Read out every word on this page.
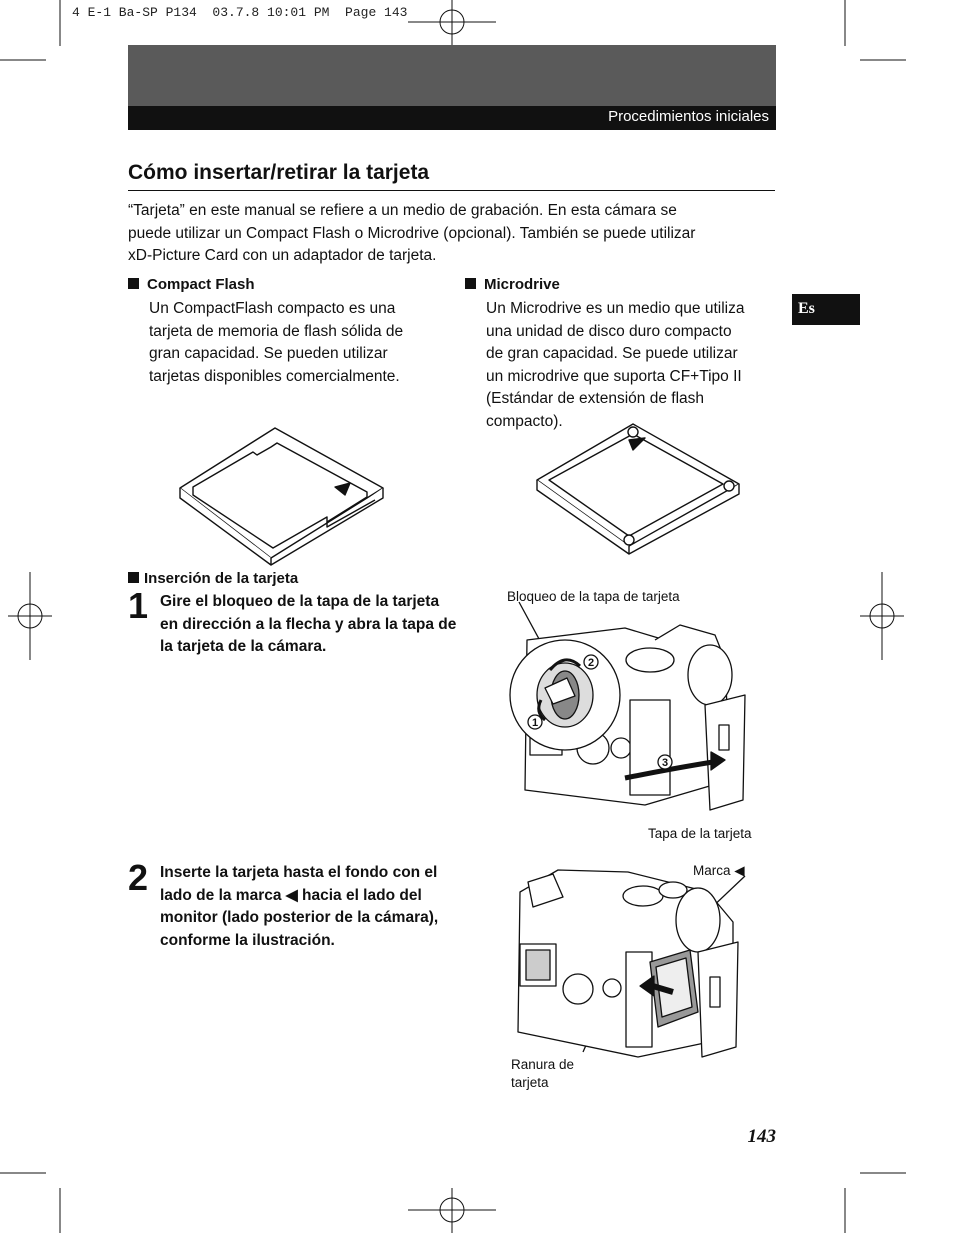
4 E-1 Ba-SP P134  03.7.8 10:01 PM  Page 143
Procedimientos iniciales
Cómo insertar/retirar la tarjeta
“Tarjeta” en este manual se refiere a un medio de grabación. En esta cámara se
puede utilizar un Compact Flash o Microdrive (opcional). También se puede utilizar
xD-Picture Card con un adaptador de tarjeta.
Es
Compact Flash
Un CompactFlash compacto es una
tarjeta de memoria de flash sólida de
gran capacidad. Se pueden utilizar
tarjetas disponibles comercialmente.
Microdrive
Un Microdrive es un medio que utiliza
una unidad de disco duro compacto
de gran capacidad. Se puede utilizar
un microdrive que suporta CF+Tipo II
(Estándar de extensión de flash
compacto).
Inserción de la tarjeta
1 Gire el bloqueo de la tapa de la tarjeta
en dirección a la flecha y abra la tapa de
la tarjeta de la cámara.
Bloqueo de la tapa de tarjeta
Tapa de la tarjeta
2
1
3
2 Inserte la tarjeta hasta el fondo con el
lado de la marca ◀ hacia el lado del
monitor (lado posterior de la cámara),
conforme la ilustración.
Marca ◀
Ranura de
tarjeta
143
